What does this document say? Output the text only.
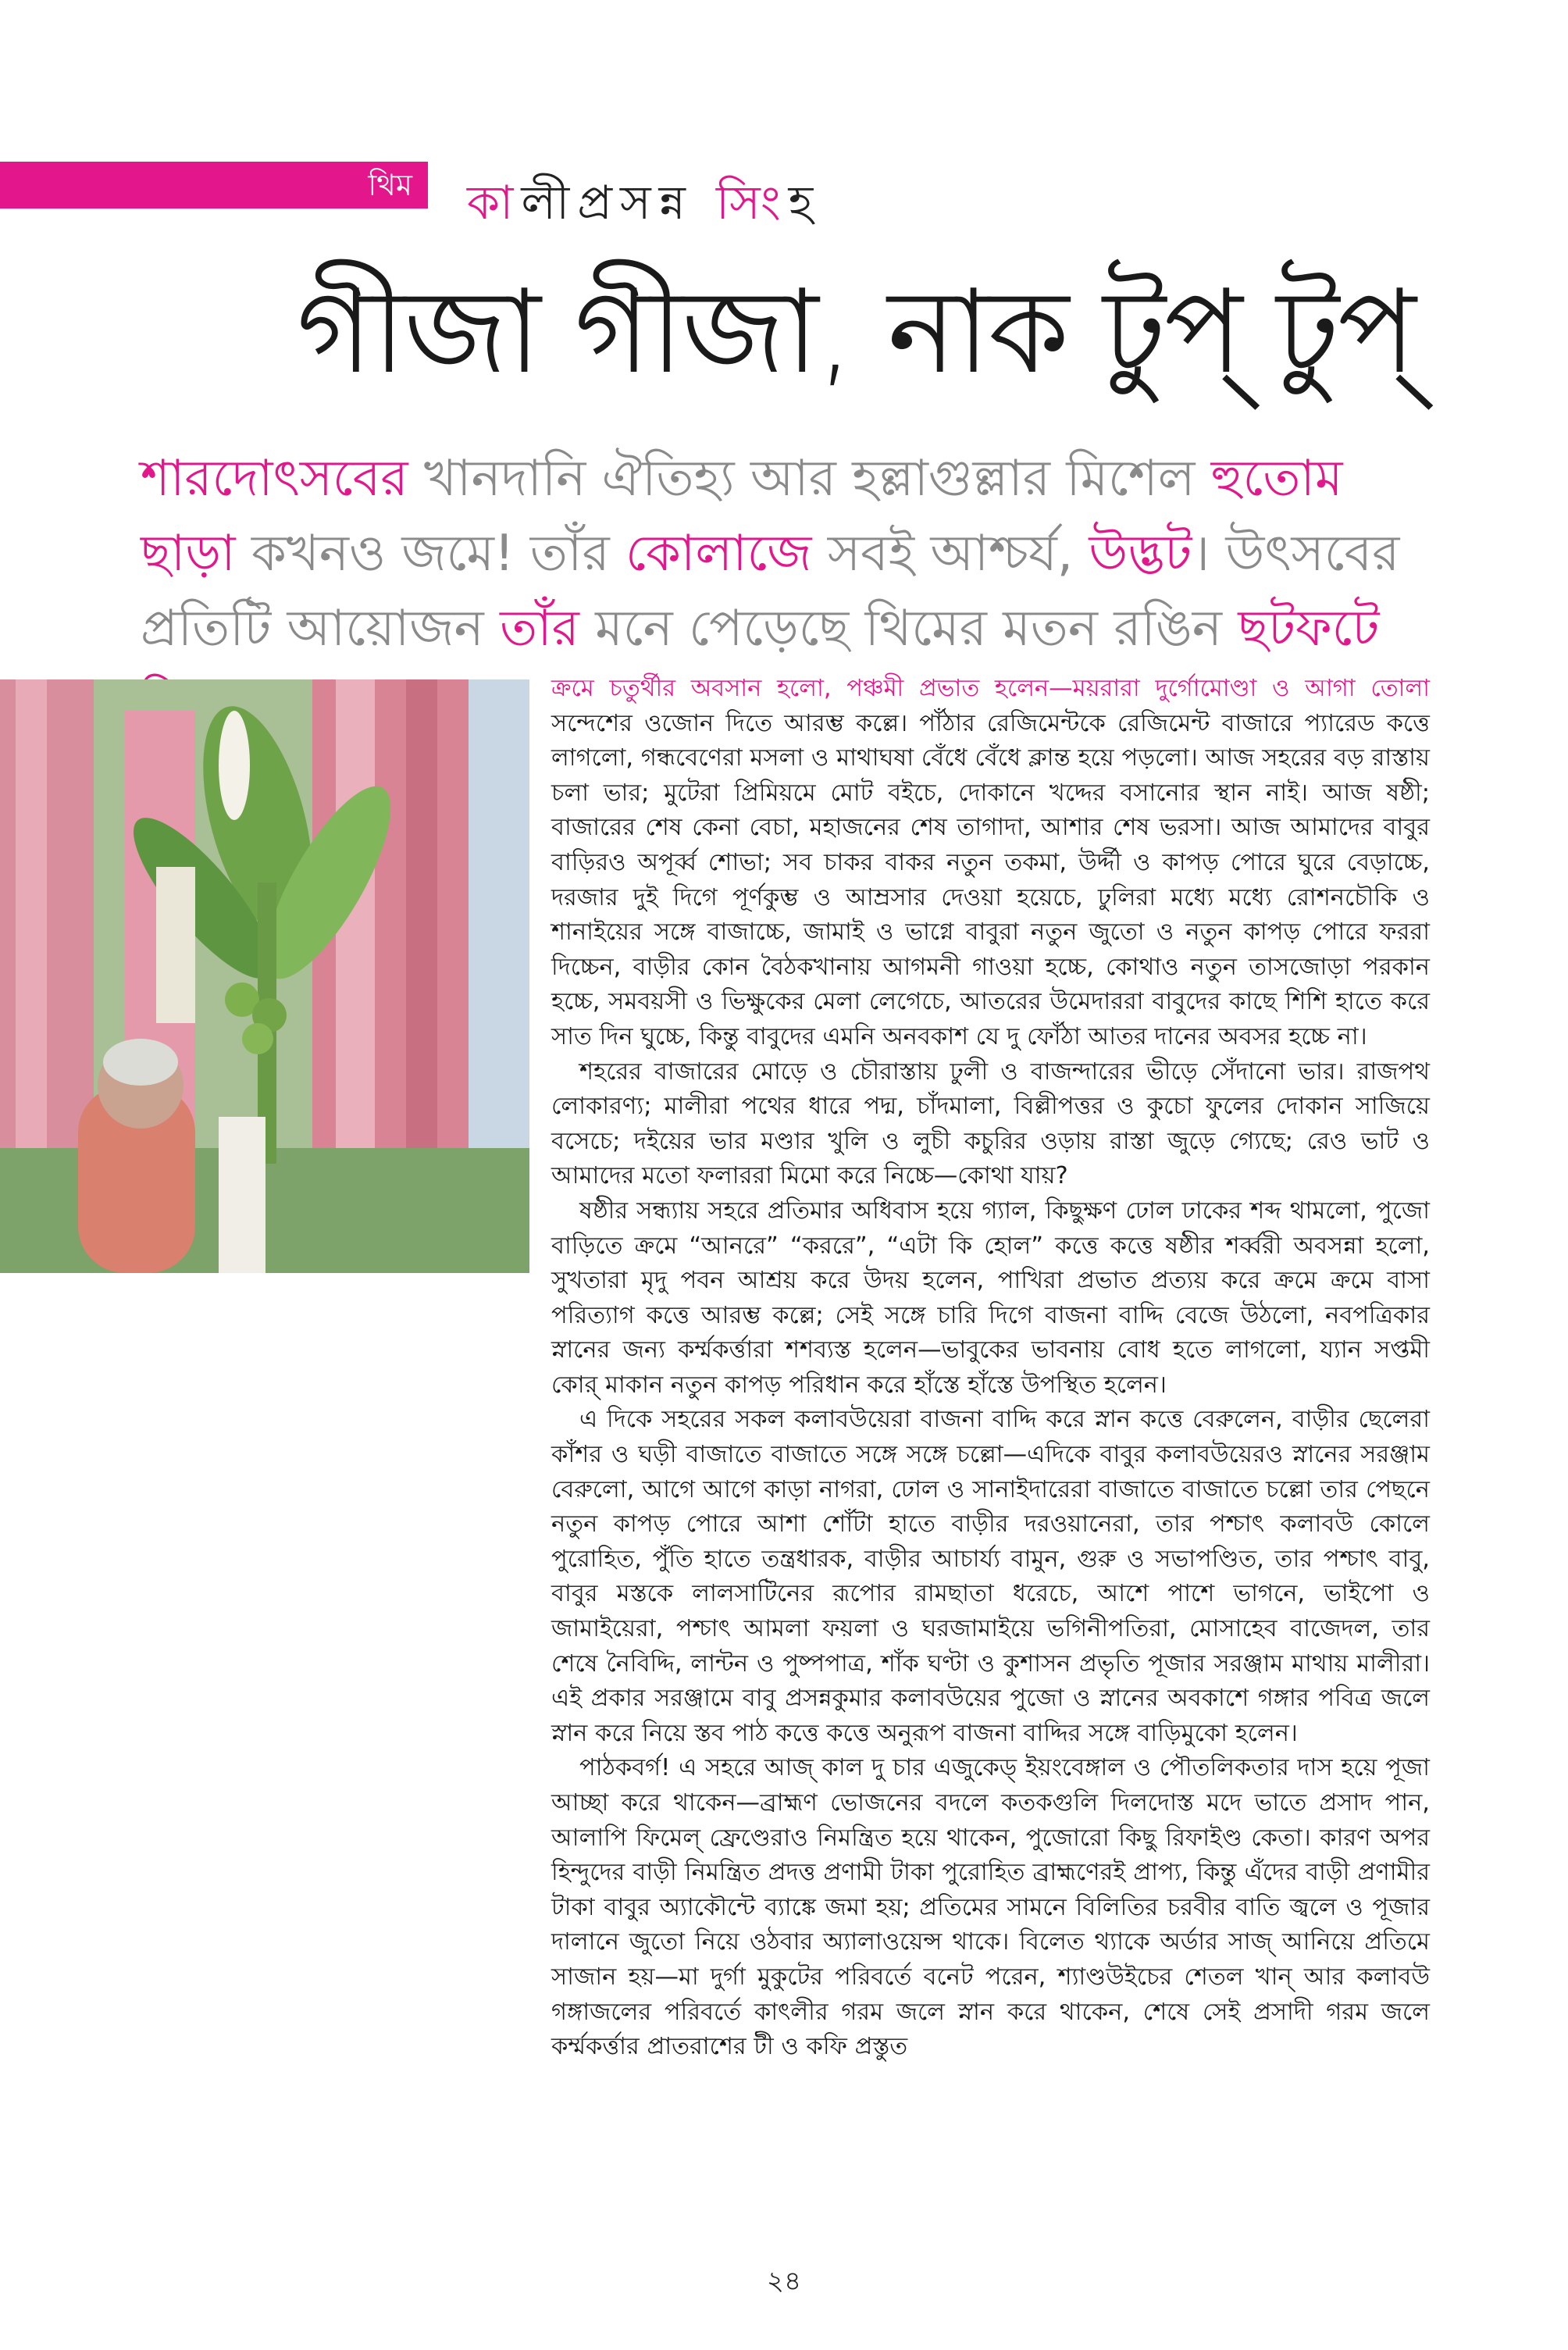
থিম কালীপ্রসন্ন সিংহ
গীজা গীজা, নাক টুপ্ টুপ্

শারদোৎসবের খানদানি ঐতিহ্য আর হল্লাগুল্লার মিশেল হুতোম ছাড়া কখনও জমে! তাঁর কোলাজে সবই আশ্চর্য, উদ্ভট। উৎসবের প্রতিটি আয়োজন তাঁর মনে পেড়েছে থিমের মতন রঙিন ছটফটে

ক্রমে চতুর্থীর অবসান হলো, পঞ্চমী প্রভাত হলেন—ময়রারা দুর্গোমোণ্ডা ও আগা তোলা সন্দেশের ওজোন দিতে আরম্ভ কল্লে। পাঁঠার রেজিমেন্টকে রেজিমেন্ট বাজারে প্যারেড কত্তে লাগলো, গন্ধবেণেরা মসলা ও মাথাঘষা বেঁধে বেঁধে ক্লান্ত হয়ে পড়লো। আজ সহরের বড় রাস্তায় চলা ভার; মুটেরা প্রিমিয়মে মোট বইচে, দোকানে খদ্দের বসানোর স্থান নাই। আজ ষষ্ঠী; বাজারের শেষ কেনা বেচা, মহাজনের শেষ তাগাদা, আশার শেষ ভরসা। আজ আমাদের বাবুর বাড়িরও অপূর্ব্ব শোভা; সব চাকর বাকর নতুন তকমা, উর্দ্দী ও কাপড় পোরে ঘুরে বেড়াচ্চে, দরজার দুই দিগে পূর্ণকুম্ভ ও আম্রসার দেওয়া হয়েচে, ঢুলিরা মধ্যে মধ্যে রোশনচৌকি ও শানাইয়ের সঙ্গে বাজাচ্চে, জামাই ও ভাগ্নে বাবুরা নতুন জুতো ও নতুন কাপড় পোরে ফররা দিচ্চেন, বাড়ীর কোন বৈঠকখানায় আগমনী গাওয়া হচ্চে, কোথাও নতুন তাসজোড়া পরকান হচ্চে, সমবয়সী ও ভিক্ষুকের মেলা লেগেচে, আতরের উমেদাররা বাবুদের কাছে শিশি হাতে করে সাত দিন ঘুচ্চে, কিন্তু বাবুদের এমনি অনবকাশ যে দু ফোঁঠা আতর দানের অবসর হচ্চে না।

শহরের বাজারের মোড়ে ও চৌরাস্তায় ঢুলী ও বাজন্দারের ভীড়ে সেঁদানো ভার। রাজপথ লোকারণ্য; মালীরা পথের ধারে পদ্ম, চাঁদমালা, বিল্লীপত্তর ও কুচো ফুলের দোকান সাজিয়ে বসেচে; দইয়ের ভার মণ্ডার খুলি ও লুচী কচুরির ওড়ায় রাস্তা জুড়ে গ্যেছে; রেও ভাট ও আমাদের মতো ফলাররা মিমো করে নিচ্চে—কোথা যায়?

ষষ্ঠীর সন্ধ্যায় সহরে প্রতিমার অধিবাস হয়ে গ্যাল, কিছুক্ষণ ঢোল ঢাকের শব্দ থামলো, পুজো বাড়িতে ক্রমে “আনরে” “কররে”, “এটা কি হোল” কত্তে কত্তে ষষ্ঠীর শর্ব্বরী অবসন্না হলো, সুখতারা মৃদু পবন আশ্রয় করে উদয় হলেন, পাখিরা প্রভাত প্রত্যয় করে ক্রমে ক্রমে বাসা পরিত্যাগ কত্তে আরম্ভ কল্লে; সেই সঙ্গে চারি দিগে বাজনা বাদ্দি বেজে উঠলো, নবপত্রিকার স্নানের জন্য কর্ম্মকর্ত্তারা শশব্যস্ত হলেন—ভাবুকের ভাবনায় বোধ হতে লাগলো, য্যান সপ্তমী কোর্ মাকান নতুন কাপড় পরিধান করে হাঁস্তে হাঁস্তে উপস্থিত হলেন।

এ দিকে সহরের সকল কলাবউয়েরা বাজনা বাদ্দি করে স্নান কত্তে বেরুলেন, বাড়ীর ছেলেরা কাঁশর ও ঘড়ী বাজাতে বাজাতে সঙ্গে সঙ্গে চল্লো—এদিকে বাবুর কলাবউয়েরও স্নানের সরঞ্জাম বেরুলো, আগে আগে কাড়া নাগরা, ঢোল ও সানাইদারেরা বাজাতে বাজাতে চল্লো তার পেছনে নতুন কাপড় পোরে আশা শোঁটা হাতে বাড়ীর দরওয়ানেরা, তার পশ্চাৎ কলাবউ কোলে পুরোহিত, পুঁতি হাতে তন্ত্রধারক, বাড়ীর আচার্য্য বামুন, গুরু ও সভাপণ্ডিত, তার পশ্চাৎ বাবু, বাবুর মস্তকে লালসাটিনের রূপোর রামছাতা ধরেচে, আশে পাশে ভাগনে, ভাইপো ও জামাইয়েরা, পশ্চাৎ আমলা ফয়লা ও ঘরজামাইয়ে ভগিনীপতিরা, মোসাহেব বাজেদল, তার শেষে নৈবিদ্দি, লান্টন ও পুষ্পপাত্র, শাঁক ঘণ্টা ও কুশাসন প্রভৃতি পূজার সরঞ্জাম মাথায় মালীরা। এই প্রকার সরঞ্জামে বাবু প্রসন্নকুমার কলাবউয়ের পুজো ও স্নানের অবকাশে গঙ্গার পবিত্র জলে স্নান করে নিয়ে স্তব পাঠ কত্তে কত্তে অনুরূপ বাজনা বাদ্দির সঙ্গে বাড়িমুকো হলেন।

পাঠকবর্গ! এ সহরে আজ্ কাল দু চার এজুকেড্ ইয়ংবেঙ্গাল ও পৌতলিকতার দাস হয়ে পূজা আচ্ছা করে থাকেন—ব্রাহ্মণ ভোজনের বদলে কতকগুলি দিলদোস্ত মদে ভাতে প্রসাদ পান, আলাপি ফিমেল্ ফ্রেণ্ডেরাও নিমন্ত্রিত হয়ে থাকেন, পুজোরো কিছু রিফাইণ্ড কেতা। কারণ অপর হিন্দুদের বাড়ী নিমন্ত্রিত প্রদত্ত প্রণামী টাকা পুরোহিত ব্রাহ্মণেরই প্রাপ্য, কিন্তু এঁদের বাড়ী প্রণামীর টাকা বাবুর অ্যাকৌন্টে ব্যাঙ্কে জমা হয়; প্রতিমের সামনে বিলিতির চরবীর বাতি জ্বলে ও পূজার দালানে জুতো নিয়ে ওঠবার অ্যালাওয়েন্স থাকে। বিলেত থ্যাকে অর্ডার সাজ্ আনিয়ে প্রতিমে সাজান হয়—মা দুর্গা মুকুটের পরিবর্তে বনেট পরেন, শ্যাণ্ডউইচের শেতল খান্ আর কলাবউ গঙ্গাজলের পরিবর্তে কাৎলীর গরম জলে স্নান করে থাকেন, শেষে সেই প্রসাদী গরম জলে কর্ম্মকর্ত্তার প্রাতরাশের টী ও কফি প্রস্তুত

২৪
